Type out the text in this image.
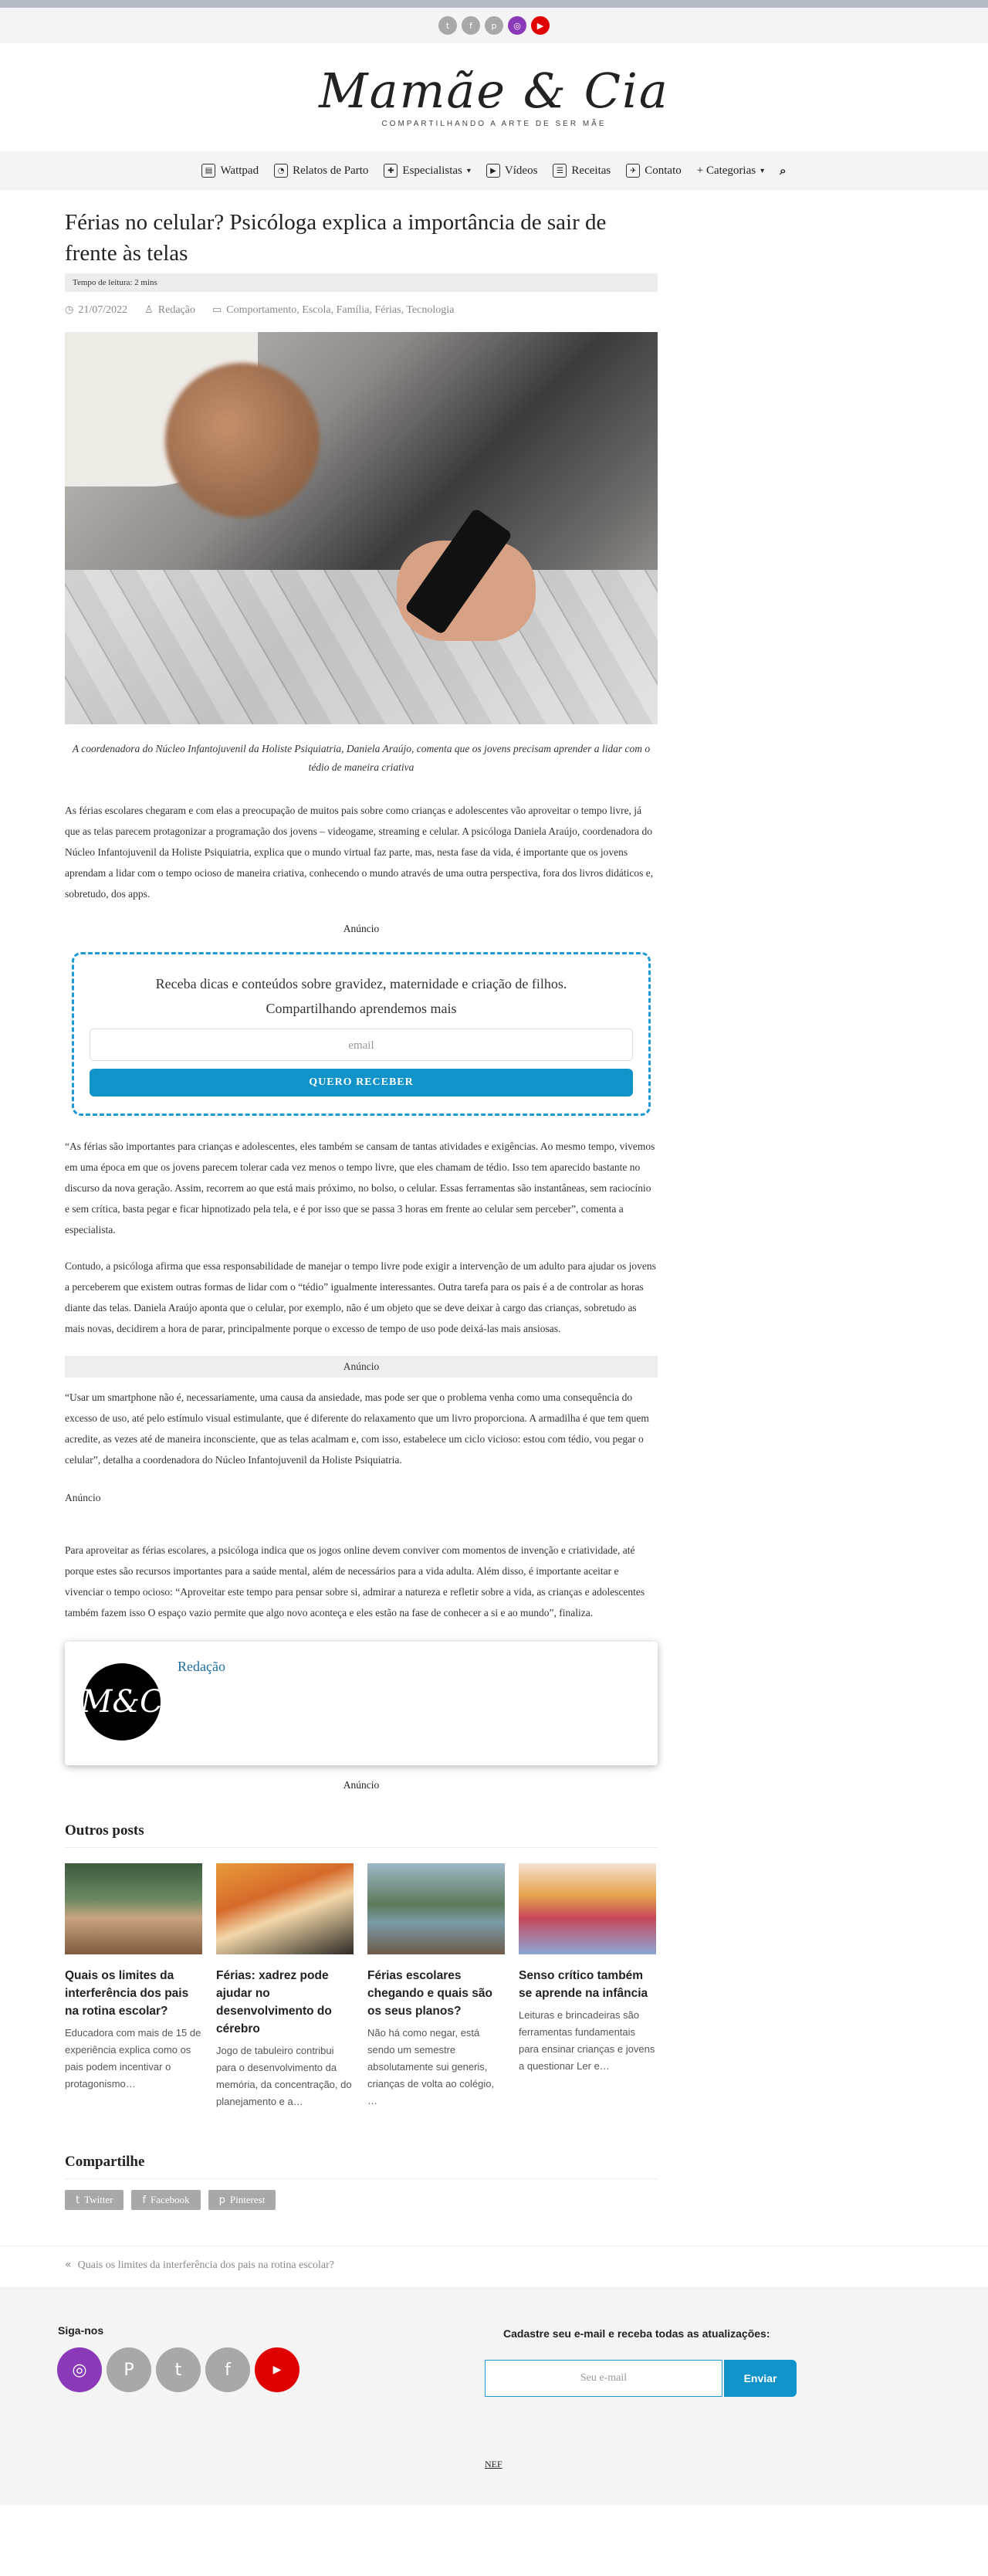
t	f	p	◎	▶
Mamãe & Cia
COMPARTILHANDO A ARTE DE SER MÃE
▤ Wattpad	◔ Relatos de Parto	✚ Especialistas ▾	▶ Vídeos	☰ Receitas	✈ Contato + Categorias ▾ ⌕
Férias no celular? Psicóloga explica a importância de sair de frente às telas
Tempo de leitura: 2 mins
◷ 21/07/2022 ♙ Redação ▭ Comportamento, Escola, Família, Férias, Tecnologia
A coordenadora do Núcleo Infantojuvenil da Holiste Psiquiatria, Daniela Araújo, comenta que os jovens precisam aprender a lidar com o tédio de maneira criativa

As férias escolares chegaram e com elas a preocupação de muitos pais sobre como crianças e adolescentes vão aproveitar o tempo livre, já que as telas parecem protagonizar a programação dos jovens – videogame, streaming e celular. A psicóloga Daniela Araújo, coordenadora do Núcleo Infantojuvenil da Holiste Psiquiatria, explica que o mundo virtual faz parte, mas, nesta fase da vida, é importante que os jovens aprendam a lidar com o tempo ocioso de maneira criativa, conhecendo o mundo através de uma outra perspectiva, fora dos livros didáticos e, sobretudo, dos apps.

Anúncio
Receba dicas e conteúdos sobre gravidez, maternidade e criação de filhos.
Compartilhando aprendemos mais
email
QUERO RECEBER

“As férias são importantes para crianças e adolescentes, eles também se cansam de tantas atividades e exigências. Ao mesmo tempo, vivemos em uma época em que os jovens parecem tolerar cada vez menos o tempo livre, que eles chamam de tédio. Isso tem aparecido bastante no discurso da nova geração. Assim, recorrem ao que está mais próximo, no bolso, o celular. Essas ferramentas são instantâneas, sem raciocínio e sem crítica, basta pegar e ficar hipnotizado pela tela, e é por isso que se passa 3 horas em frente ao celular sem perceber”, comenta a especialista.

Contudo, a psicóloga afirma que essa responsabilidade de manejar o tempo livre pode exigir a intervenção de um adulto para ajudar os jovens a perceberem que existem outras formas de lidar com o “tédio” igualmente interessantes. Outra tarefa para os pais é a de controlar as horas diante das telas. Daniela Araújo aponta que o celular, por exemplo, não é um objeto que se deve deixar à cargo das crianças, sobretudo as mais novas, decidirem a hora de parar, principalmente porque o excesso de tempo de uso pode deixá-las mais ansiosas.

Anúncio

“Usar um smartphone não é, necessariamente, uma causa da ansiedade, mas pode ser que o problema venha como uma consequência do excesso de uso, até pelo estímulo visual estimulante, que é diferente do relaxamento que um livro proporciona. A armadilha é que tem quem acredite, as vezes até de maneira inconsciente, que as telas acalmam e, com isso, estabelece um ciclo vicioso: estou com tédio, vou pegar o celular”, detalha a coordenadora do Núcleo Infantojuvenil da Holiste Psiquiatria.

Anúncio

Para aproveitar as férias escolares, a psicóloga indica que os jogos online devem conviver com momentos de invenção e criatividade, até porque estes são recursos importantes para a saúde mental, além de necessários para a vida adulta. Além disso, é importante aceitar e vivenciar o tempo ocioso: “Aproveitar este tempo para pensar sobre si, admirar a natureza e refletir sobre a vida, as crianças e adolescentes também fazem isso O espaço vazio permite que algo novo aconteça e eles estão na fase de conhecer a si e ao mundo”, finaliza.

M&C
Redação
Anúncio
Outros posts
Quais os limites da interferência dos pais na rotina escolar?
Educadora com mais de 15 de experiência explica como os pais podem incentivar o protagonismo…
Férias: xadrez pode ajudar no desenvolvimento do cérebro
Jogo de tabuleiro contribui para o desenvolvimento da memória, da concentração, do planejamento e a…
Férias escolares chegando e quais são os seus planos?
Não há como negar, está sendo um semestre absolutamente sui generis, crianças de volta ao colégio, …
Senso crítico também se aprende na infância
Leituras e brincadeiras são ferramentas fundamentais para ensinar crianças e jovens a questionar Ler e…
Compartilhe
t Twitter	f Facebook	p Pinterest
« Quais os limites da interferência dos pais na rotina escolar?
Siga-nos
◎	P	t	f	▶
Cadastre seu e-mail e receba todas as atualizações:
Seu e-mail	Enviar
NEF
